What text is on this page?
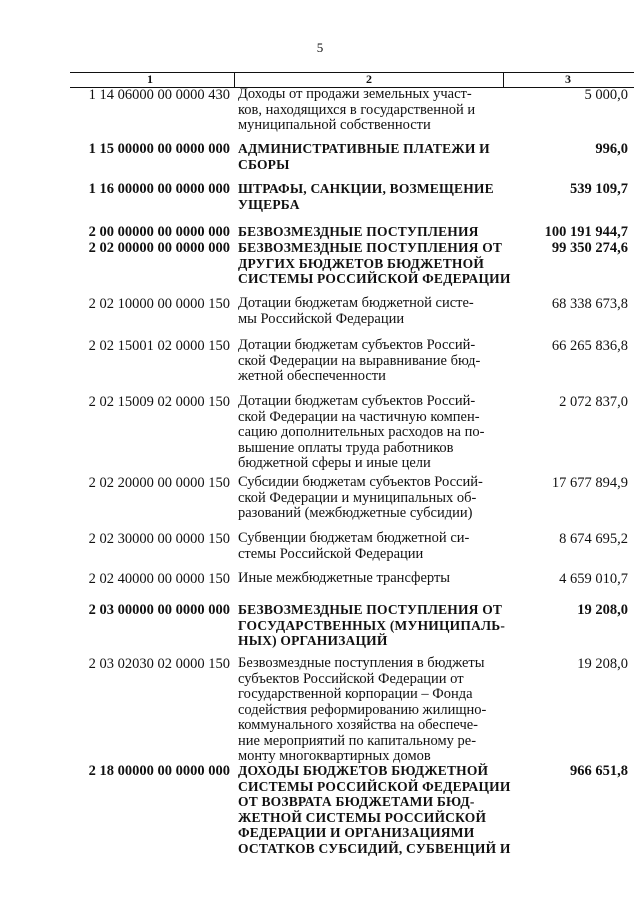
5
1	2	3
1 14 06000 00 0000 430 Доходы от продажи земельных участ-
ков, находящихся в государственной и
муниципальной собственности
5 000,0
1 15 00000 00 0000 000 АДМИНИСТРАТИВНЫЕ ПЛАТЕЖИ И
СБОРЫ
996,0
1 16 00000 00 0000 000 ШТРАФЫ, САНКЦИИ, ВОЗМЕЩЕНИЕ
УЩЕРБА
539 109,7
2 00 00000 00 0000 000 БЕЗВОЗМЕЗДНЫЕ ПОСТУПЛЕНИЯ	100 191 944,7
2 02 00000 00 0000 000 БЕЗВОЗМЕЗДНЫЕ ПОСТУПЛЕНИЯ ОТ
ДРУГИХ БЮДЖЕТОВ БЮДЖЕТНОЙ
СИСТЕМЫ РОССИЙСКОЙ ФЕДЕРАЦИИ
99 350 274,6
2 02 10000 00 0000 150 Дотации бюджетам бюджетной систе-
мы Российской Федерации
68 338 673,8
2 02 15001 02 0000 150 Дотации бюджетам субъектов Россий-
ской Федерации на выравнивание бюд-
жетной обеспеченности
66 265 836,8
2 02 15009 02 0000 150 Дотации бюджетам субъектов Россий-
ской Федерации на частичную компен-
сацию дополнительных расходов на по-
вышение оплаты труда работников
бюджетной сферы и иные цели
2 072 837,0
2 02 20000 00 0000 150 Субсидии бюджетам субъектов Россий-
ской Федерации и муниципальных об-
разований (межбюджетные субсидии)
17 677 894,9
2 02 30000 00 0000 150 Субвенции бюджетам бюджетной си-
стемы Российской Федерации
8 674 695,2
2 02 40000 00 0000 150 Иные межбюджетные трансферты	4 659 010,7
2 03 00000 00 0000 000 БЕЗВОЗМЕЗДНЫЕ ПОСТУПЛЕНИЯ ОТ
ГОСУДАРСТВЕННЫХ (МУНИЦИПАЛЬ-
НЫХ) ОРГАНИЗАЦИЙ
19 208,0
2 03 02030 02 0000 150 Безвозмездные поступления в бюджеты
субъектов Российской Федерации от
государственной корпорации – Фонда
содействия реформированию жилищно-
коммунального хозяйства на обеспече-
ние мероприятий по капитальному ре-
монту многоквартирных домов
19 208,0
2 18 00000 00 0000 000 ДОХОДЫ БЮДЖЕТОВ БЮДЖЕТНОЙ
СИСТЕМЫ РОССИЙСКОЙ ФЕДЕРАЦИИ
ОТ ВОЗВРАТА БЮДЖЕТАМИ БЮД-
ЖЕТНОЙ СИСТЕМЫ РОССИЙСКОЙ
ФЕДЕРАЦИИ И ОРГАНИЗАЦИЯМИ
ОСТАТКОВ СУБСИДИЙ, СУБВЕНЦИЙ И
966 651,8
